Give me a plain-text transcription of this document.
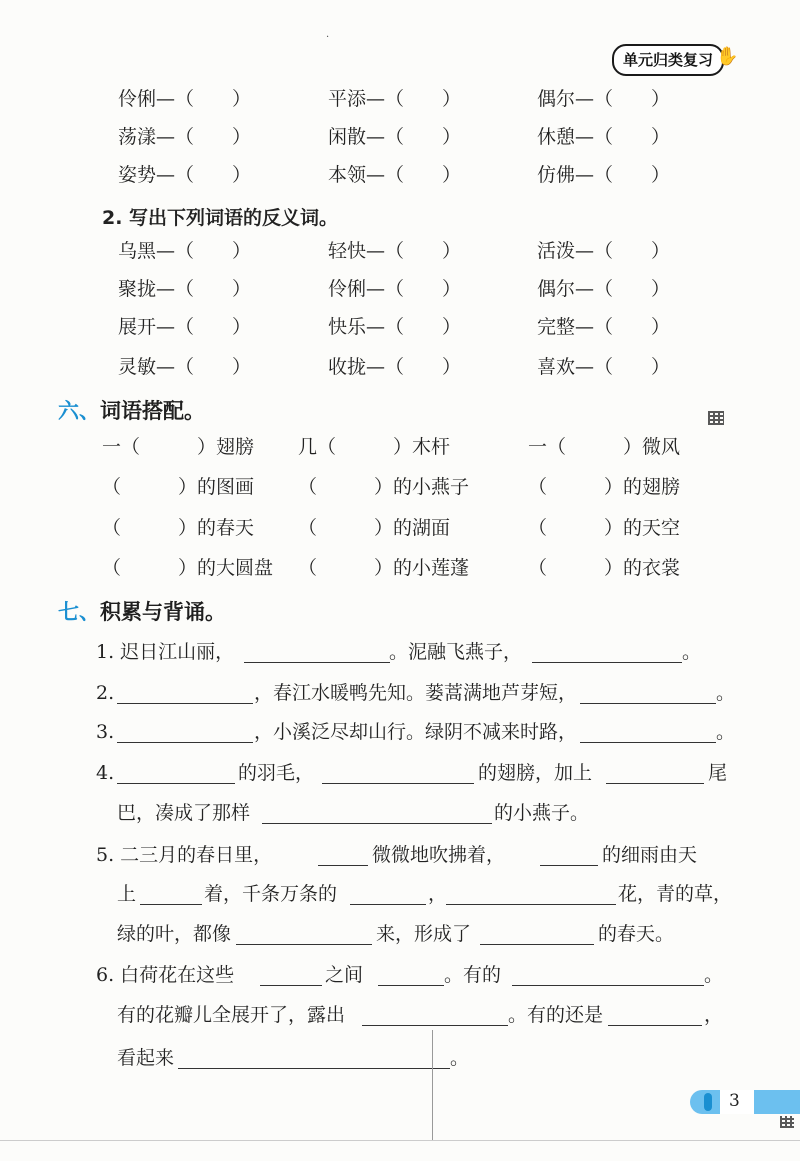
单元归类复习 ✋
·
伶俐—（　　）	平添—（　　）	偶尔—（　　）
荡漾—（　　）	闲散—（　　）	休憩—（　　）
姿势—（　　）	本领—（　　）	仿佛—（　　）
2. 写出下列词语的反义词。
乌黑—（　　）	轻快—（　　）	活泼—（　　）
聚拢—（　　）	伶俐—（　　）	偶尔—（　　）
展开—（　　）	快乐—（　　）	完整—（　　）
灵敏—（　　）	收拢—（　　）	喜欢—（　　）
六、词语搭配。
一（　　　）翅膀 几（　　　）木杆	一（　　　）微风
（　　　）的图画 （　　　）的小燕子	（　　　）的翅膀
（　　　）的春天 （　　　）的湖面	（　　　）的天空
（　　　）的大圆盘 （　　　）的小莲蓬	（　　　）的衣裳
七、积累与背诵。
1. 迟日江山丽，	。泥融飞燕子，	。
2.	，春江水暖鸭先知。蒌蒿满地芦芽短，	。
3.	，小溪泛尽却山行。绿阴不减来时路，	。
4.	的羽毛，	的翅膀，加上	尾
巴，凑成了那样	的小燕子。
5. 二三月的春日里，	微微地吹拂着，	的细雨由天
上	着，千条万条的	，	花，青的草，
绿的叶，都像	来，形成了	的春天。
6. 白荷花在这些	之间	。有的	。
有的花瓣儿全展开了，露出	。有的还是	，
看起来	。
3
